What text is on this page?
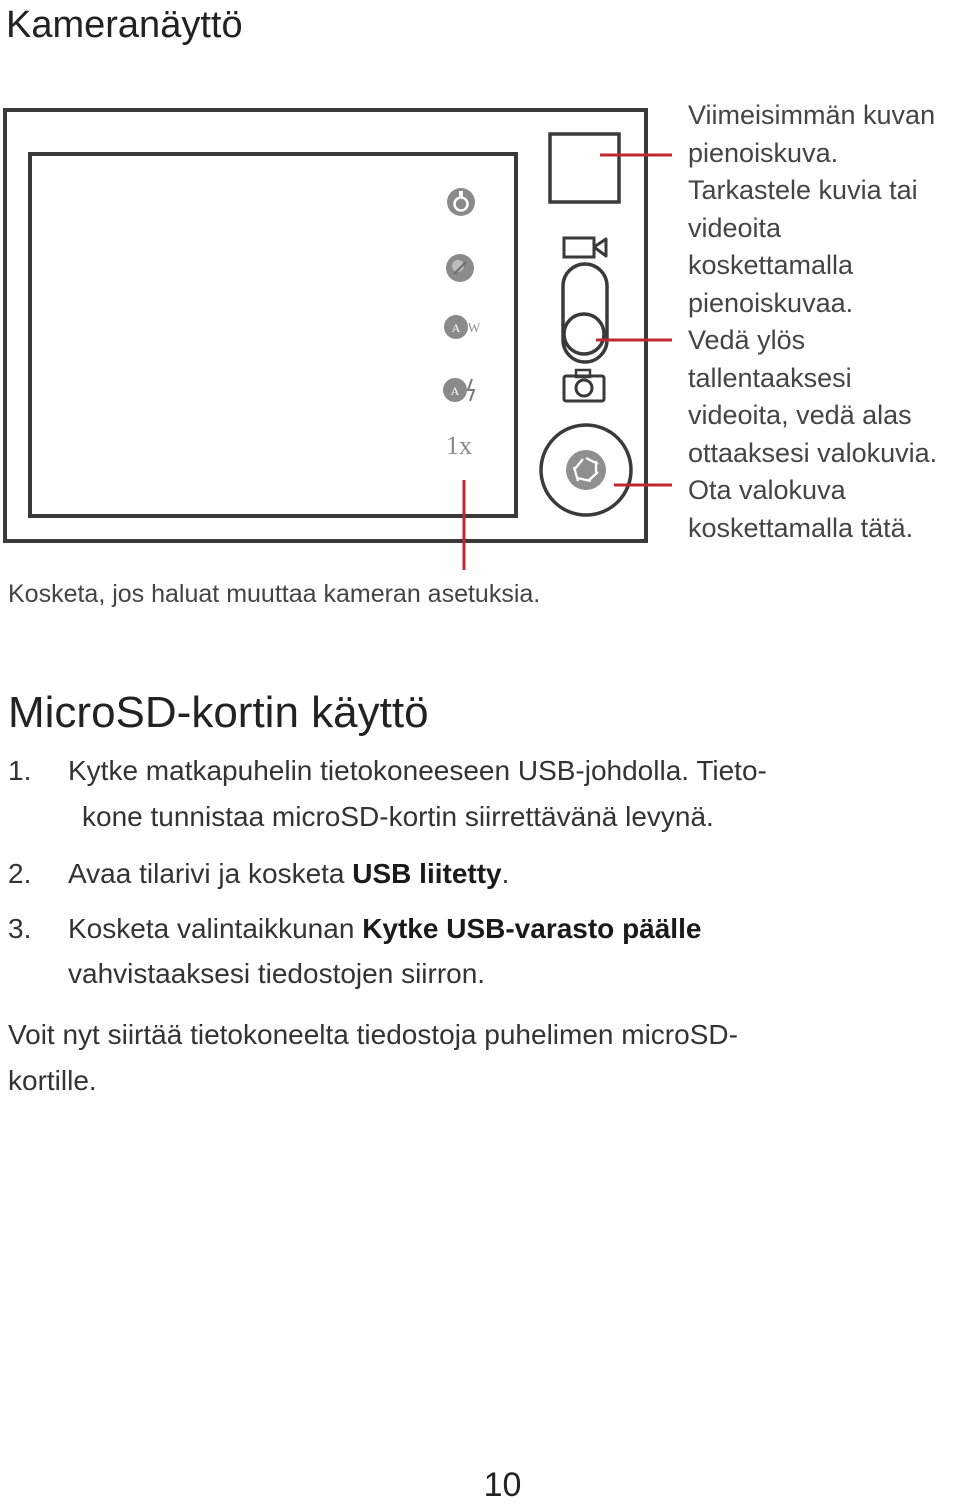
Kameranäyttö
A W
A
1x
Viimeisimmän kuvan
pienoiskuva.
Tarkastele kuvia tai
videoita
koskettamalla
pienoiskuvaa.
Vedä ylös
tallentaaksesi
videoita, vedä alas
ottaaksesi valokuvia.
Ota valokuva
koskettamalla tätä.
Kosketa, jos haluat muuttaa kameran asetuksia.
MicroSD-kortin käyttö
1. Kytke matkapuhelin tietokoneeseen USB-johdolla. Tieto-
kone tunnistaa microSD-kortin siirrettävänä levynä.
2. Avaa tilarivi ja kosketa USB liitetty.
3. Kosketa valintaikkunan Kytke USB-varasto päälle
vahvistaaksesi tiedostojen siirron.
Voit nyt siirtää tietokoneelta tiedostoja puhelimen microSD-
kortille.
10
